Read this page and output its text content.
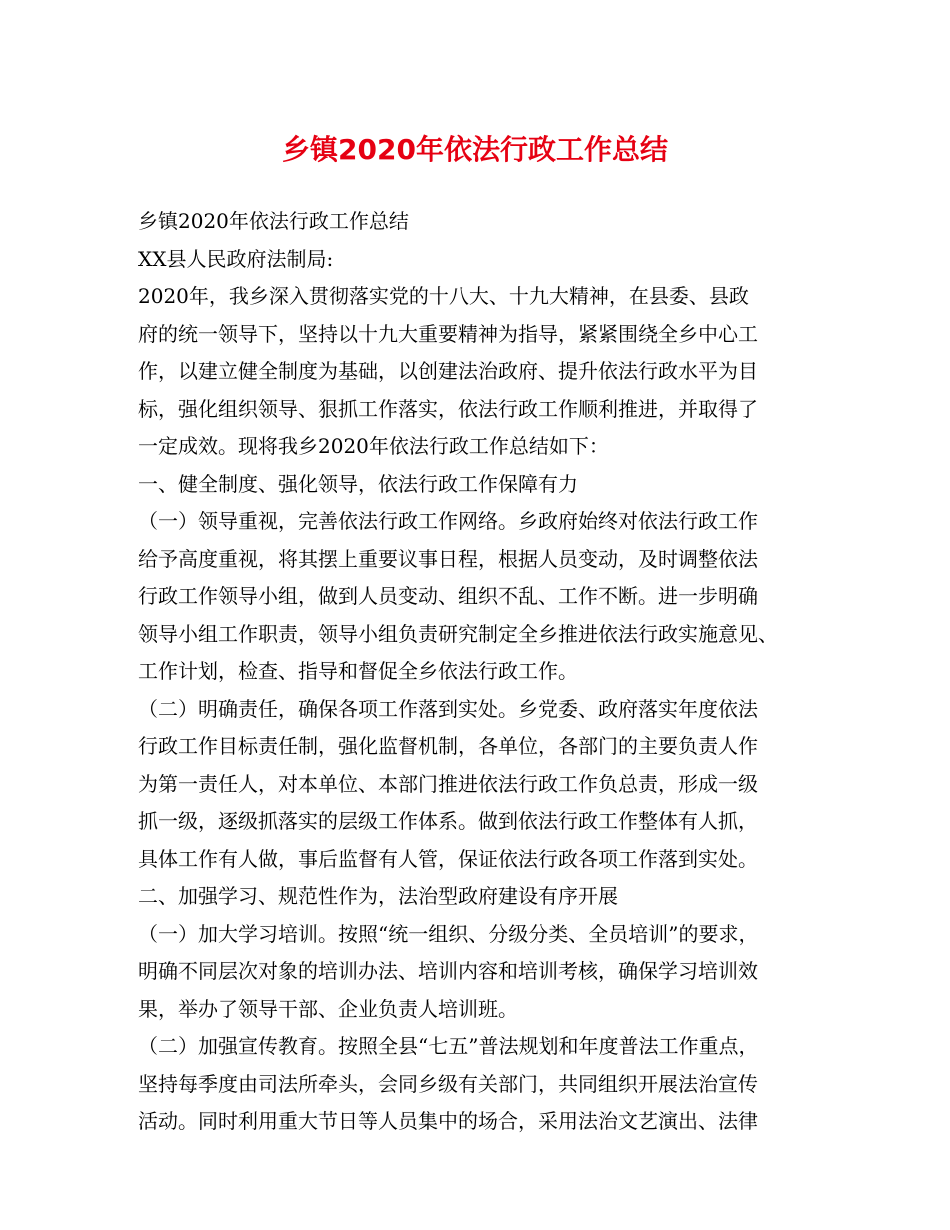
乡镇2020年依法行政工作总结
乡镇2020年依法行政工作总结
XX县人民政府法制局:
2020年，我乡深入贯彻落实党的十八大、十九大精神，在县委、县政
府的统一领导下，坚持以十九大重要精神为指导，紧紧围绕全乡中心工
作，以建立健全制度为基础，以创建法治政府、提升依法行政水平为目
标，强化组织领导、狠抓工作落实，依法行政工作顺利推进，并取得了
一定成效。现将我乡2020年依法行政工作总结如下：
一、健全制度、强化领导，依法行政工作保障有力
（一）领导重视，完善依法行政工作网络。乡政府始终对依法行政工作
给予高度重视，将其摆上重要议事日程，根据人员变动，及时调整依法
行政工作领导小组，做到人员变动、组织不乱、工作不断。进一步明确
领导小组工作职责，领导小组负责研究制定全乡推进依法行政实施意见、
工作计划，检查、指导和督促全乡依法行政工作。
（二）明确责任，确保各项工作落到实处。乡党委、政府落实年度依法
行政工作目标责任制，强化监督机制，各单位，各部门的主要负责人作
为第一责任人，对本单位、本部门推进依法行政工作负总责，形成一级
抓一级，逐级抓落实的层级工作体系。做到依法行政工作整体有人抓，
具体工作有人做，事后监督有人管，保证依法行政各项工作落到实处。
二、加强学习、规范性作为，法治型政府建设有序开展
（一）加大学习培训。按照“统一组织、分级分类、全员培训”的要求，
明确不同层次对象的培训办法、培训内容和培训考核，确保学习培训效
果，举办了领导干部、企业负责人培训班。
（二）加强宣传教育。按照全县“七五”普法规划和年度普法工作重点，
坚持每季度由司法所牵头，会同乡级有关部门，共同组织开展法治宣传
活动。同时利用重大节日等人员集中的场合，采用法治文艺演出、法律
